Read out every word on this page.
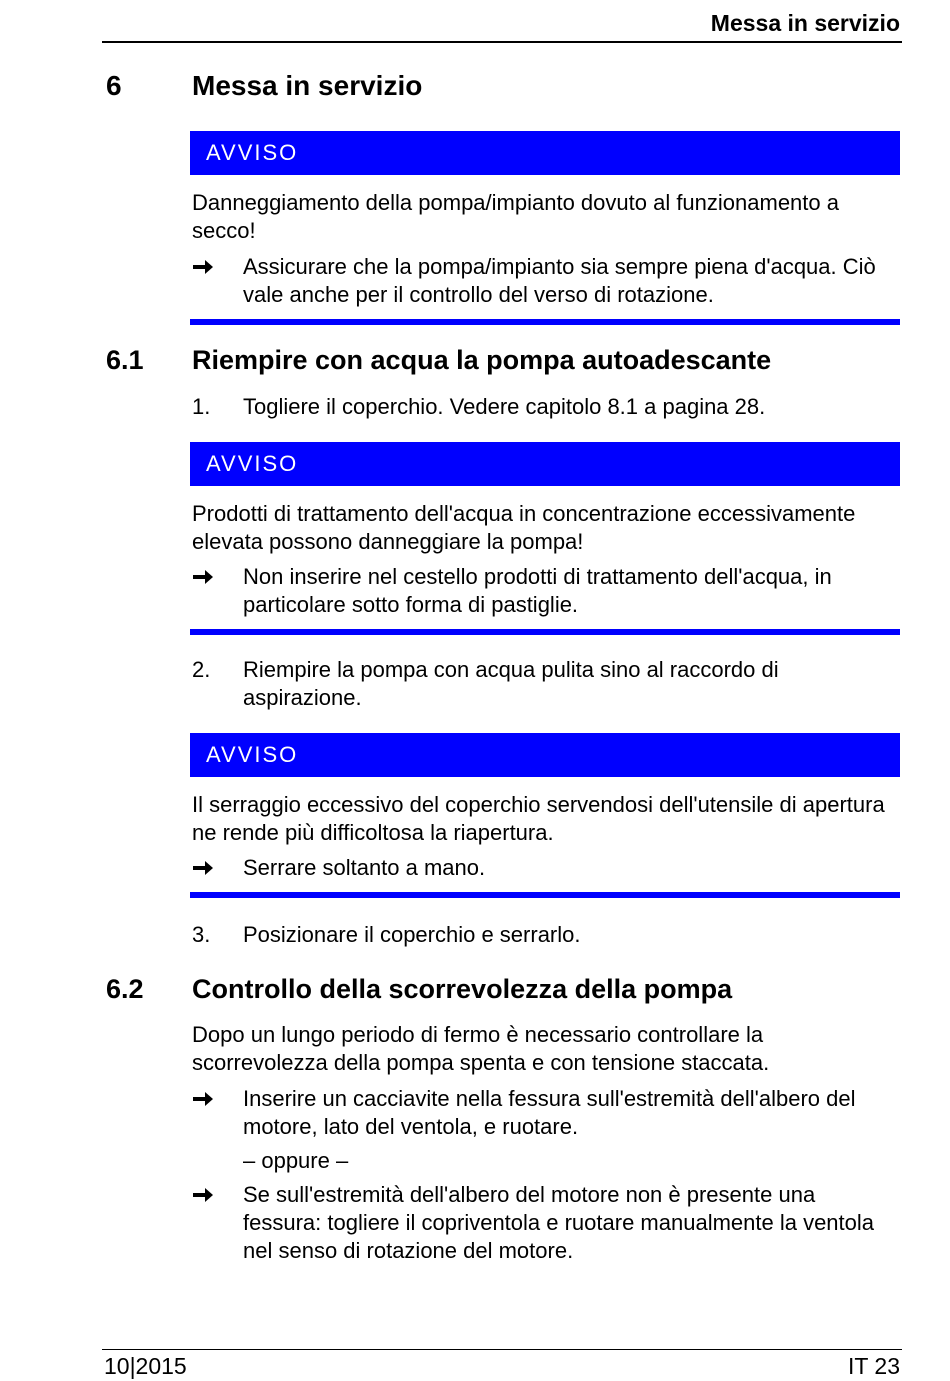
Messa in servizio
6	Messa in servizio
AVVISO
Danneggiamento della pompa/impianto dovuto al funzionamento a secco!
Assicurare che la pompa/impianto sia sempre piena d'acqua. Ciò vale anche per il controllo del verso di rotazione.
6.1 Riempire con acqua la pompa autoadescante
1. Togliere il coperchio. Vedere capitolo 8.1 a pagina 28.
AVVISO
Prodotti di trattamento dell'acqua in concentrazione eccessivamente elevata possono danneggiare la pompa!
Non inserire nel cestello prodotti di trattamento dell'acqua, in particolare sotto forma di pastiglie.
2. Riempire la pompa con acqua pulita sino al raccordo di aspirazione.
AVVISO
Il serraggio eccessivo del coperchio servendosi dell'utensile di apertura ne rende più difficoltosa la riapertura.
Serrare soltanto a mano.
3. Posizionare il coperchio e serrarlo.
6.2 Controllo della scorrevolezza della pompa
Dopo un lungo periodo di fermo è necessario controllare la scorrevolezza della pompa spenta e con tensione staccata.
Inserire un cacciavite nella fessura sull'estremità dell'albero del motore, lato del ventola, e ruotare.
– oppure –
Se sull'estremità dell'albero del motore non è presente una fessura: togliere il copriventola e ruotare manualmente la ventola nel senso di rotazione del motore.
10|2015	IT 23
